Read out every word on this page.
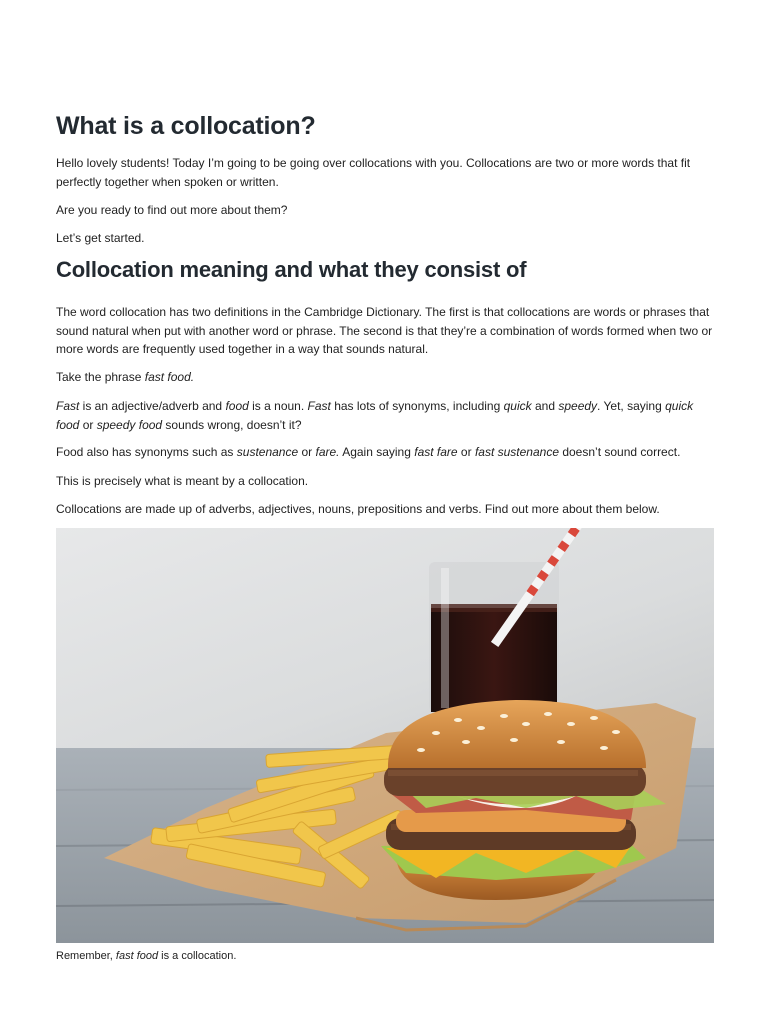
What is a collocation?

Hello lovely students! Today I’m going to be going over collocations with you. Collocations are two or more words that fit perfectly together when spoken or written.

Are you ready to find out more about them?

Let’s get started.

Collocation meaning and what they consist of

The word collocation has two definitions in the Cambridge Dictionary. The first is that collocations are words or phrases that sound natural when put with another word or phrase. The second is that they’re a combination of words formed when two or more words are frequently used together in a way that sounds natural.

Take the phrase fast food.

Fast is an adjective/adverb and food is a noun. Fast has lots of synonyms, including quick and speedy. Yet, saying quick food or speedy food sounds wrong, doesn’t it?

Food also has synonyms such as sustenance or fare. Again saying fast fare or fast sustenance doesn’t sound correct.

This is precisely what is meant by a collocation.

Collocations are made up of adverbs, adjectives, nouns, prepositions and verbs. Find out more about them below.

Remember, fast food is a collocation.
